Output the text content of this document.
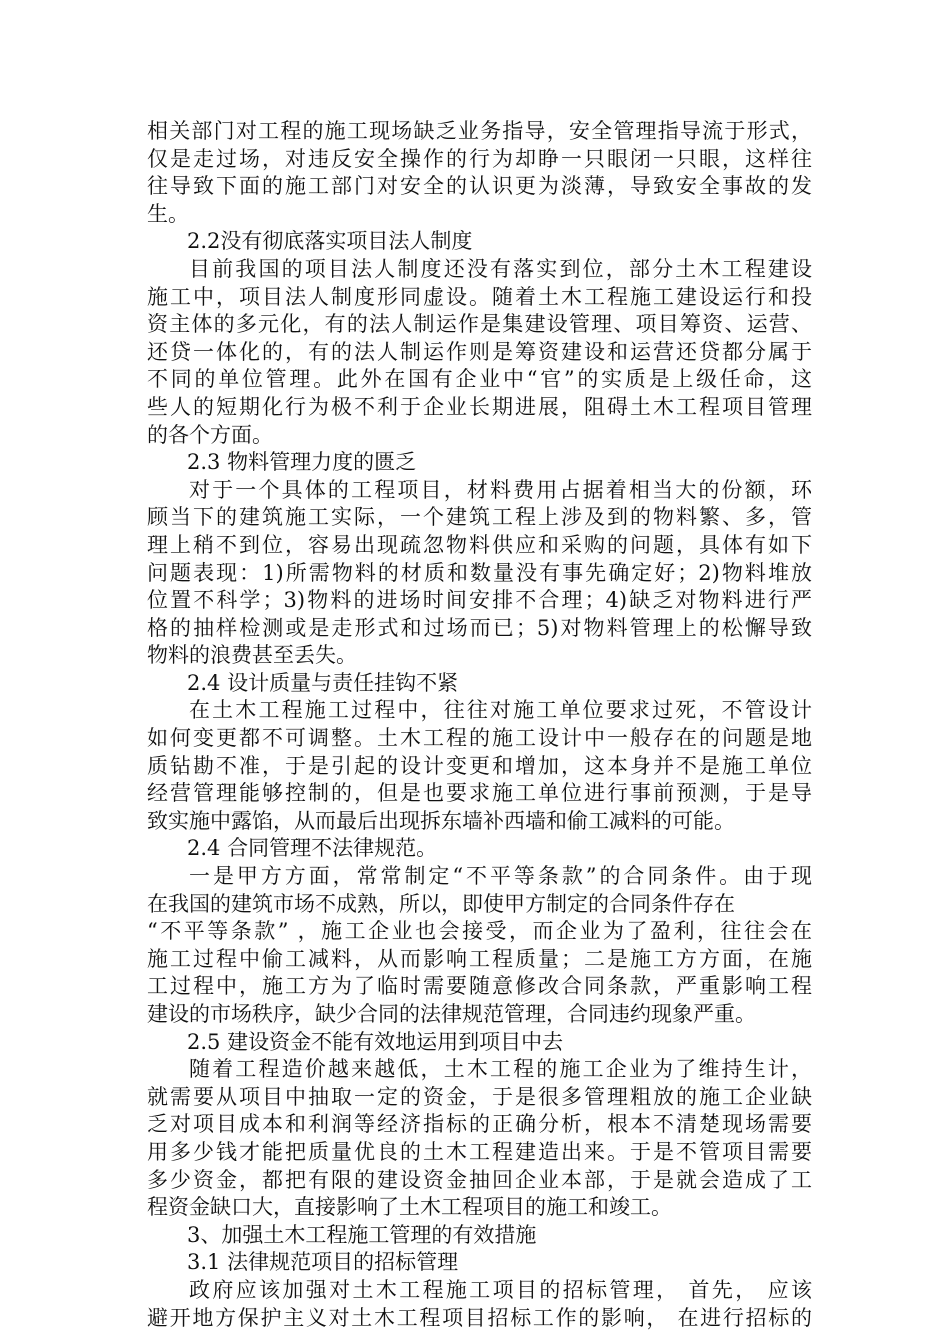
相关部门对工程的施工现场缺乏业务指导，安全管理指导流于形式，
仅是走过场，对违反安全操作的行为却睁一只眼闭一只眼，这样往
往导致下面的施工部门对安全的认识更为淡薄，导致安全事故的发
生。
2.2没有彻底落实项目法人制度
目前我国的项目法人制度还没有落实到位，部分土木工程建设
施工中，项目法人制度形同虚设。随着土木工程施工建设运行和投
资主体的多元化，有的法人制运作是集建设管理、项目筹资、运营、
还贷一体化的，有的法人制运作则是筹资建设和运营还贷都分属于
不同的单位管理。此外在国有企业中“官”的实质是上级任命，这
些人的短期化行为极不利于企业长期进展，阻碍土木工程项目管理
的各个方面。
2.3 物料管理力度的匮乏
对于一个具体的工程项目，材料费用占据着相当大的份额，环
顾当下的建筑施工实际，一个建筑工程上涉及到的物料繁、多，管
理上稍不到位，容易出现疏忽物料供应和采购的问题，具体有如下
问题表现：1)所需物料的材质和数量没有事先确定好；2)物料堆放
位置不科学；3)物料的进场时间安排不合理；4)缺乏对物料进行严
格的抽样检测或是走形式和过场而已；5)对物料管理上的松懈导致
物料的浪费甚至丢失。
2.4 设计质量与责任挂钩不紧
在土木工程施工过程中，往往对施工单位要求过死，不管设计
如何变更都不可调整。土木工程的施工设计中一般存在的问题是地
质钻勘不准，于是引起的设计变更和增加，这本身并不是施工单位
经营管理能够控制的，但是也要求施工单位进行事前预测，于是导
致实施中露馅，从而最后出现拆东墙补西墙和偷工减料的可能。
2.4 合同管理不法律规范。
一是甲方方面，常常制定“不平等条款”的合同条件。由于现
在我国的建筑市场不成熟，所以，即使甲方制定的合同条件存在
“不平等条款” ，施工企业也会接受，而企业为了盈利，往往会在
施工过程中偷工减料，从而影响工程质量；二是施工方方面，在施
工过程中，施工方为了临时需要随意修改合同条款，严重影响工程
建设的市场秩序，缺少合同的法律规范管理，合同违约现象严重。
2.5 建设资金不能有效地运用到项目中去
随着工程造价越来越低，土木工程的施工企业为了维持生计，
就需要从项目中抽取一定的资金，于是很多管理粗放的施工企业缺
乏对项目成本和利润等经济指标的正确分析，根本不清楚现场需要
用多少钱才能把质量优良的土木工程建造出来。于是不管项目需要
多少资金，都把有限的建设资金抽回企业本部，于是就会造成了工
程资金缺口大，直接影响了土木工程项目的施工和竣工。
3、加强土木工程施工管理的有效措施
3.1 法律规范项目的招标管理
政府应该加强对土木工程施工项目的招标管理， 首先， 应该
避开地方保护主义对土木工程项目招标工作的影响， 在进行招标的
